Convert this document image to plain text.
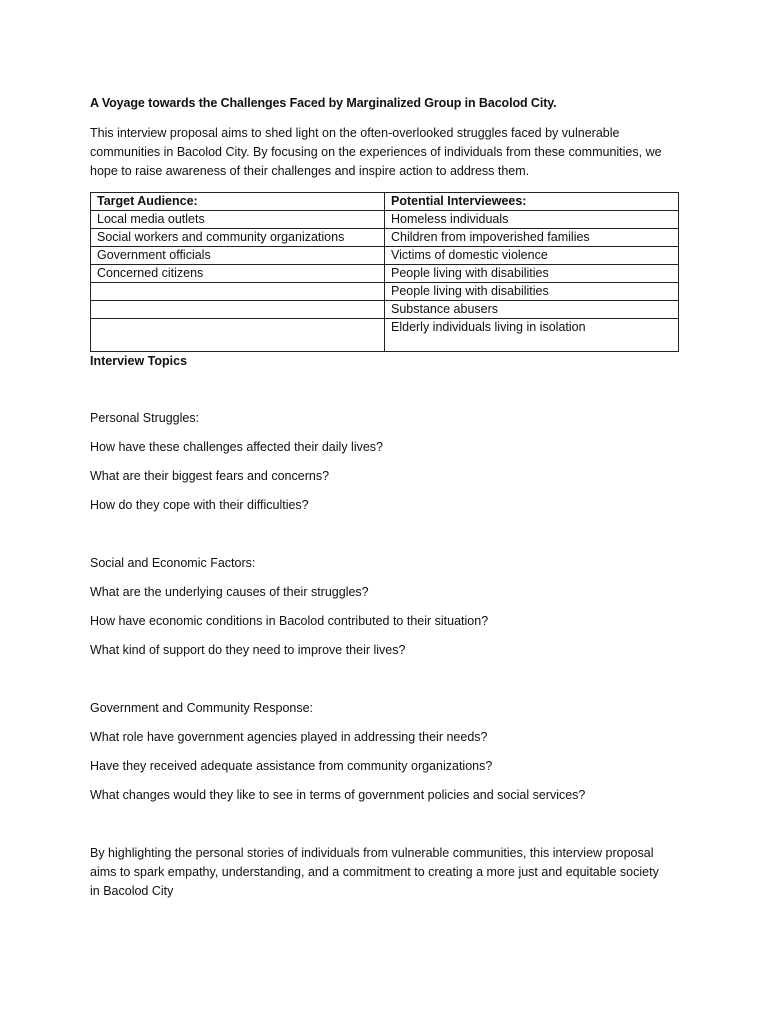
A Voyage towards the Challenges Faced by Marginalized Group in Bacolod City.

This interview proposal aims to shed light on the often-overlooked struggles faced by vulnerable
communities in Bacolod City. By focusing on the experiences of individuals from these communities, we
hope to raise awareness of their challenges and inspire action to address them.

Target Audience:	Potential Interviewees:
Local media outlets	Homeless individuals
Social workers and community organizations	Children from impoverished families
Government officials	Victims of domestic violence
Concerned citizens	People living with disabilities
	People living with disabilities
	Substance abusers
	Elderly individuals living in isolation

Interview Topics

Personal Struggles:

How have these challenges affected their daily lives?

What are their biggest fears and concerns?

How do they cope with their difficulties?

Social and Economic Factors:

What are the underlying causes of their struggles?

How have economic conditions in Bacolod contributed to their situation?

What kind of support do they need to improve their lives?

Government and Community Response:

What role have government agencies played in addressing their needs?

Have they received adequate assistance from community organizations?

What changes would they like to see in terms of government policies and social services?

By highlighting the personal stories of individuals from vulnerable communities, this interview proposal
aims to spark empathy, understanding, and a commitment to creating a more just and equitable society
in Bacolod City
